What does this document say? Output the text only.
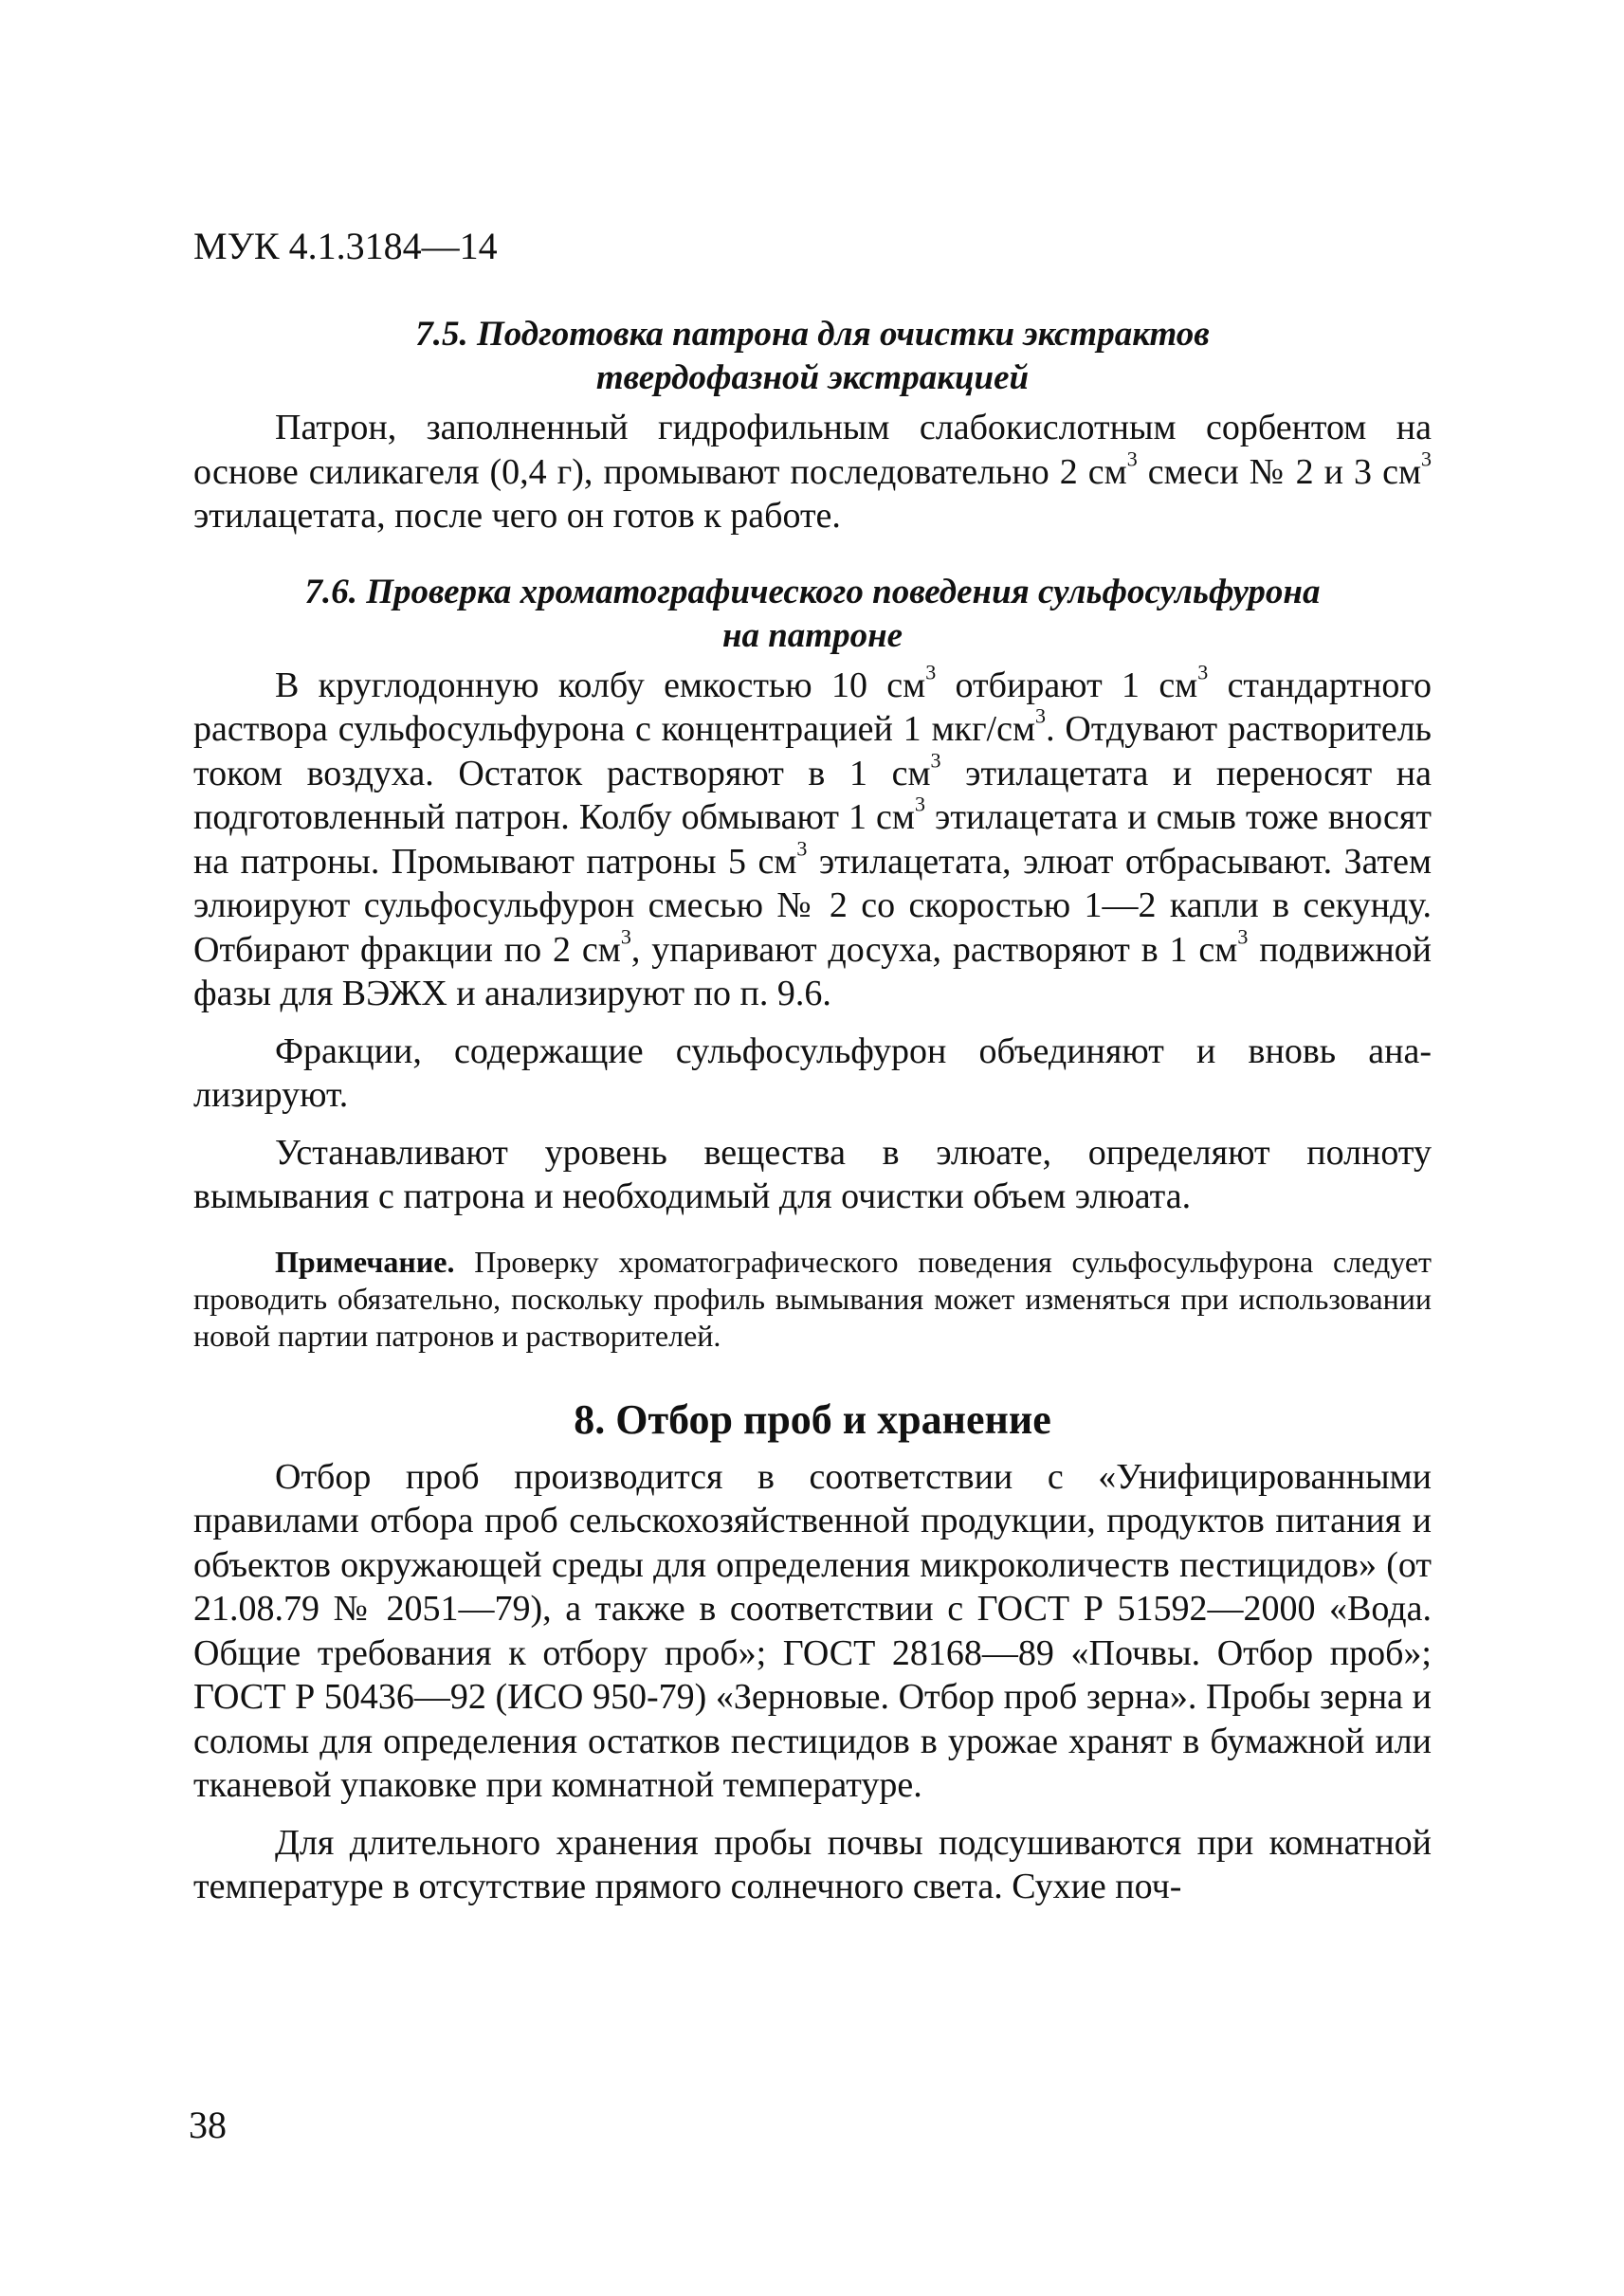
МУК 4.1.3184—14
7.5. Подготовка патрона для очистки экстрактов
твердофазной экстракцией

Патрон, заполненный гидрофильным слабокислотным сорбентом на основе силикагеля (0,4 г), промывают последовательно 2 $см^3$ смеси № 2 и 3 $см^3$ этилацетата, после чего он готов к работе.

7.6. Проверка хроматографического поведения сульфосульфурона
на патроне

В круглодонную колбу емкостью 10 $см^3$ отбирают 1 $см^3$ стандартного раствора сульфосульфурона с концентрацией 1 мкг/$см^3$. Отдувают растворитель током воздуха. Остаток растворяют в 1 $см^3$ этилацетата и переносят на подготовленный патрон. Колбу обмывают 1 $см^3$ этилацетата и смыв тоже вносят на патроны. Промывают патроны 5 $см^3$ этилацетата, элюат отбрасывают. Затем элюируют сульфосульфурон смесью № 2 со скоростью 1—2 капли в секунду. Отбирают фракции по 2 $см^3$, упаривают досуха, растворяют в 1 $см^3$ подвижной фазы для ВЭЖХ и анализируют по п. 9.6.

Фракции, содержащие сульфосульфурон объединяют и вновь анализируют.

Устанавливают уровень вещества в элюате, определяют полноту вымывания с патрона и необходимый для очистки объем элюата.

Примечание. Проверку хроматографического поведения сульфосульфурона следует проводить обязательно, поскольку профиль вымывания может изменяться при использовании новой партии патронов и растворителей.

8. Отбор проб и хранение

Отбор проб производится в соответствии с «Унифицированными правилами отбора проб сельскохозяйственной продукции, продуктов питания и объектов окружающей среды для определения микроколичеств пестицидов» (от 21.08.79 № 2051—79), а также в соответствии с ГОСТ Р 51592—2000 «Вода. Общие требования к отбору проб»; ГОСТ 28168—89 «Почвы. Отбор проб»; ГОСТ Р 50436—92 (ИСО 950-79) «Зерновые. Отбор проб зерна». Пробы зерна и соломы для определения остатков пестицидов в урожае хранят в бумажной или тканевой упаковке при комнатной температуре.

Для длительного хранения пробы почвы подсушиваются при комнатной температуре в отсутствие прямого солнечного света. Сухие поч-

38
